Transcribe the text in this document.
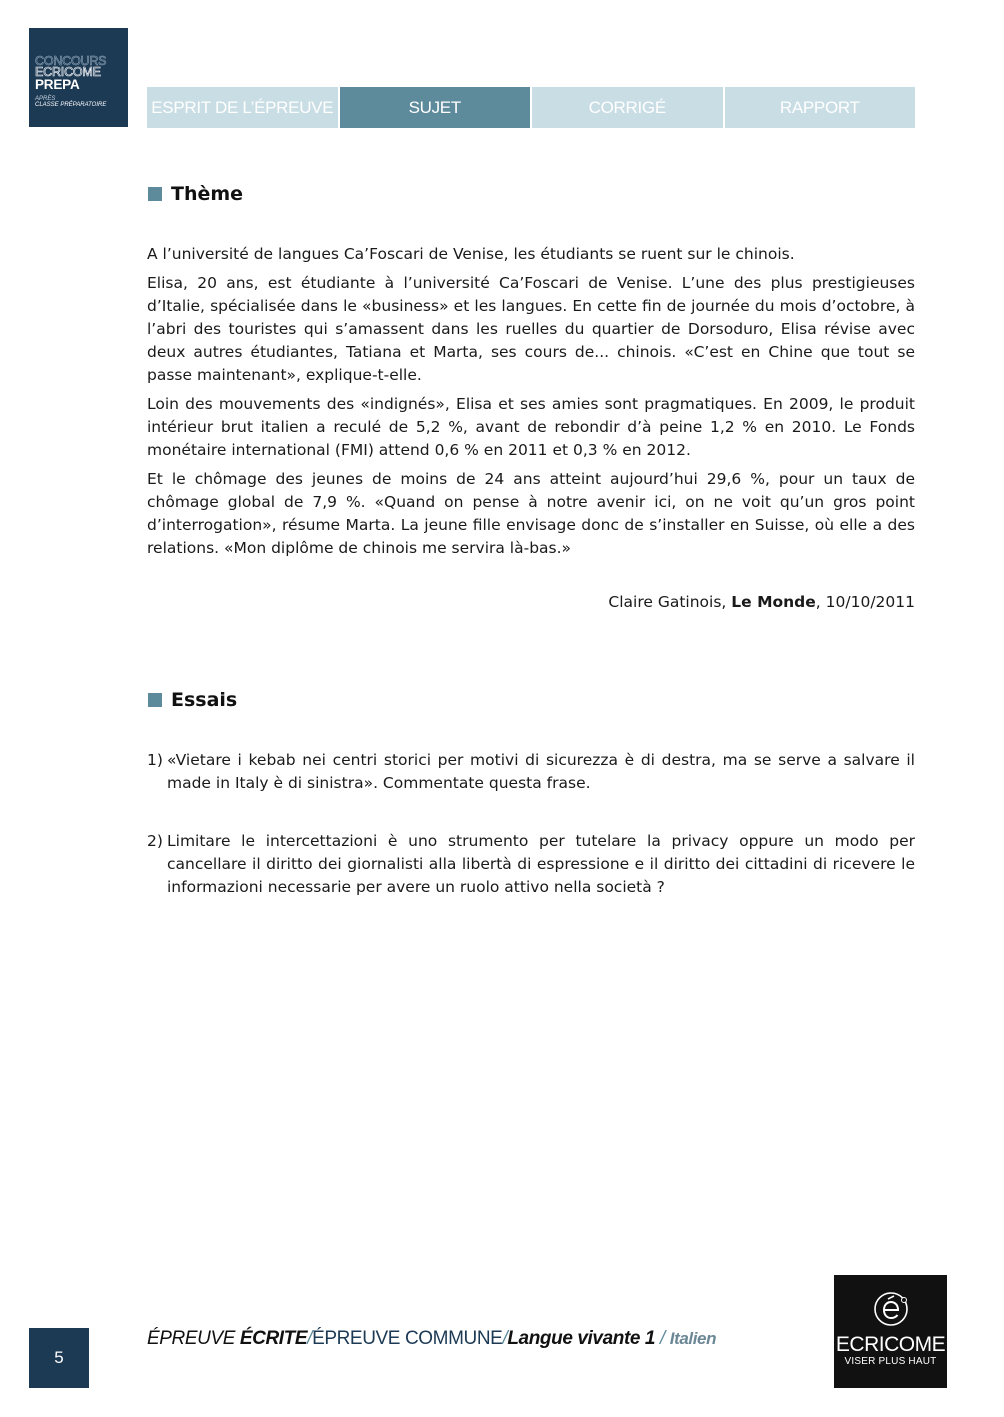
CONCOURS
ECRICOME
PREPA
APRÈS
CLASSE PRÉPARATOIRE	ESPRIT DE L’ÉPREUVE	SUJET	CORRIGÉ	RAPPORT
Thème

A l’université de langues Ca’Foscari de Venise, les étudiants se ruent sur le chinois.

Elisa, 20 ans, est étudiante à l’université Ca’Foscari de Venise. L’une des plus prestigieuses d’Italie, spécialisée dans le «business» et les langues. En cette fin de journée du mois d’octobre, à l’abri des touristes qui s’amassent dans les ruelles du quartier de Dorsoduro, Elisa révise avec deux autres étudiantes, Tatiana et Marta, ses cours de... chinois. «C’est en Chine que tout se passe maintenant», explique-t-elle.

Loin des mouvements des «indignés», Elisa et ses amies sont pragmatiques. En 2009, le produit intérieur brut italien a reculé de 5,2 %, avant de rebondir d’à peine 1,2 % en 2010. Le Fonds monétaire international (FMI) attend 0,6 % en 2011 et 0,3 % en 2012.

Et le chômage des jeunes de moins de 24 ans atteint aujourd’hui 29,6 %, pour un taux de chômage global de 7,9 %. «Quand on pense à notre avenir ici, on ne voit qu’un gros point d’interrogation», résume Marta. La jeune fille envisage donc de s’installer en Suisse, où elle a des relations. «Mon diplôme de chinois me servira là-bas.»

Claire Gatinois, Le Monde, 10/10/2011
Essais
1) «Vietare i kebab nei centri storici per motivi di sicurezza è di destra, ma se serve a salvare il made in Italy è di sinistra». Commentate questa frase.
2) Limitare le intercettazioni è uno strumento per tutelare la privacy oppure un modo per cancellare il diritto dei giornalisti alla libertà di espressione e il diritto dei cittadini di ricevere le informazioni necessarie per avere un ruolo attivo nella società ?
5
ÉPREUVE ÉCRITE/ÉPREUVE COMMUNE/Langue vivante 1 / Italien	ECRICOME
VISER PLUS HAUT
